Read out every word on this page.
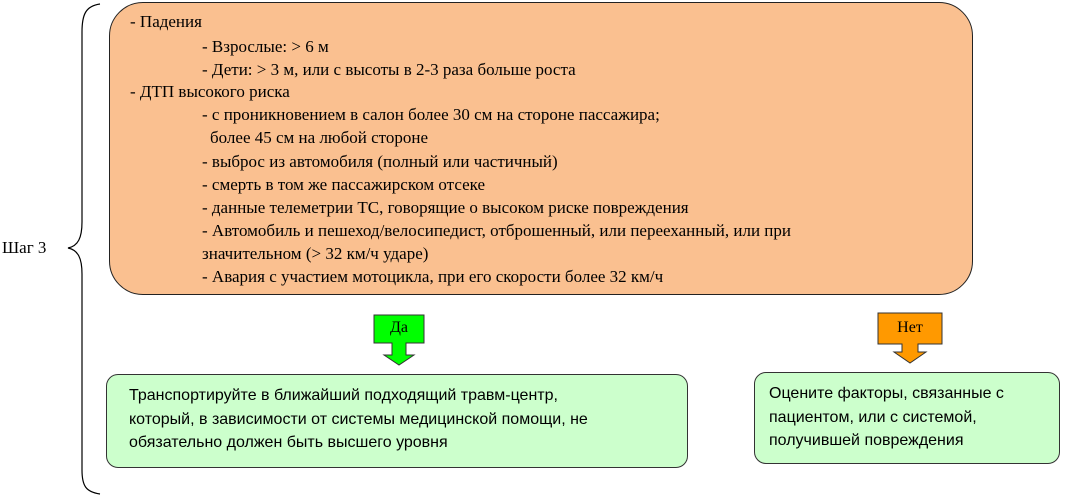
Шаг 3
- Падения
- Взрослые: > 6 м
- Дети: > 3 м, или с высоты в 2-3 раза больше роста
- ДТП высокого риска
- с проникновением в салон более 30 см на стороне пассажира;
более 45 см на любой стороне
- выброс из автомобиля (полный или частичный)
- смерть в том же пассажирском отсеке
- данные телеметрии ТС, говорящие о высоком риске повреждения
- Автомобиль и пешеход/велосипедист, отброшенный, или перееханный, или при
значительном (> 32 км/ч ударе)
- Авария с участием мотоцикла, при его скорости более 32 км/ч
Да	Нет
Транспортируйте в ближайший подходящий травм-центр,
который, в зависимости от системы медицинской помощи, не
обязательно должен быть высшего уровня
Оцените факторы, связанные с
пациентом, или с системой,
получившей повреждения
